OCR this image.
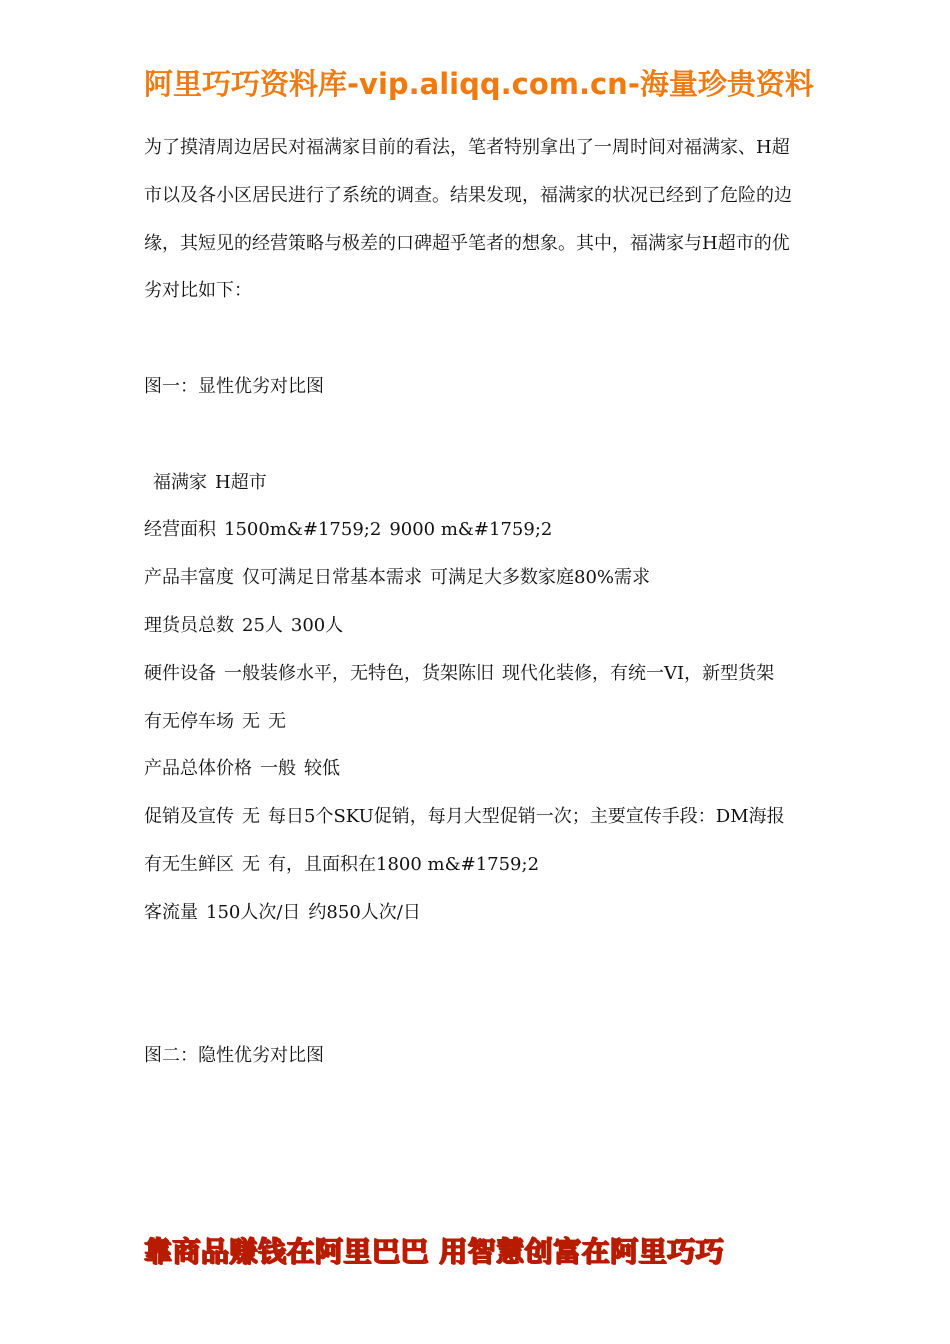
阿里巧巧资料库-vip.aliqq.com.cn-海量珍贵资料

为了摸清周边居民对福满家目前的看法，笔者特别拿出了一周时间对福满家、H超市以及各小区居民进行了系统的调查。结果发现，福满家的状况已经到了危险的边缘，其短见的经营策略与极差的口碑超乎笔者的想象。其中，福满家与H超市的优劣对比如下：

图一：显性优劣对比图

福满家 H超市

经营面积 1500m&#1759;2 9000 m&#1759;2

产品丰富度 仅可满足日常基本需求 可满足大多数家庭80%需求

理货员总数 25人 300人

硬件设备 一般装修水平，无特色，货架陈旧 现代化装修，有统一VI，新型货架

有无停车场 无 无

产品总体价格 一般 较低

促销及宣传 无 每日5个SKU促销，每月大型促销一次；主要宣传手段：DM海报

有无生鲜区 无 有，且面积在1800 m&#1759;2

客流量 150人次/日 约850人次/日

图二：隐性优劣对比图

靠商品赚钱在阿里巴巴 用智慧创富在阿里巧巧
